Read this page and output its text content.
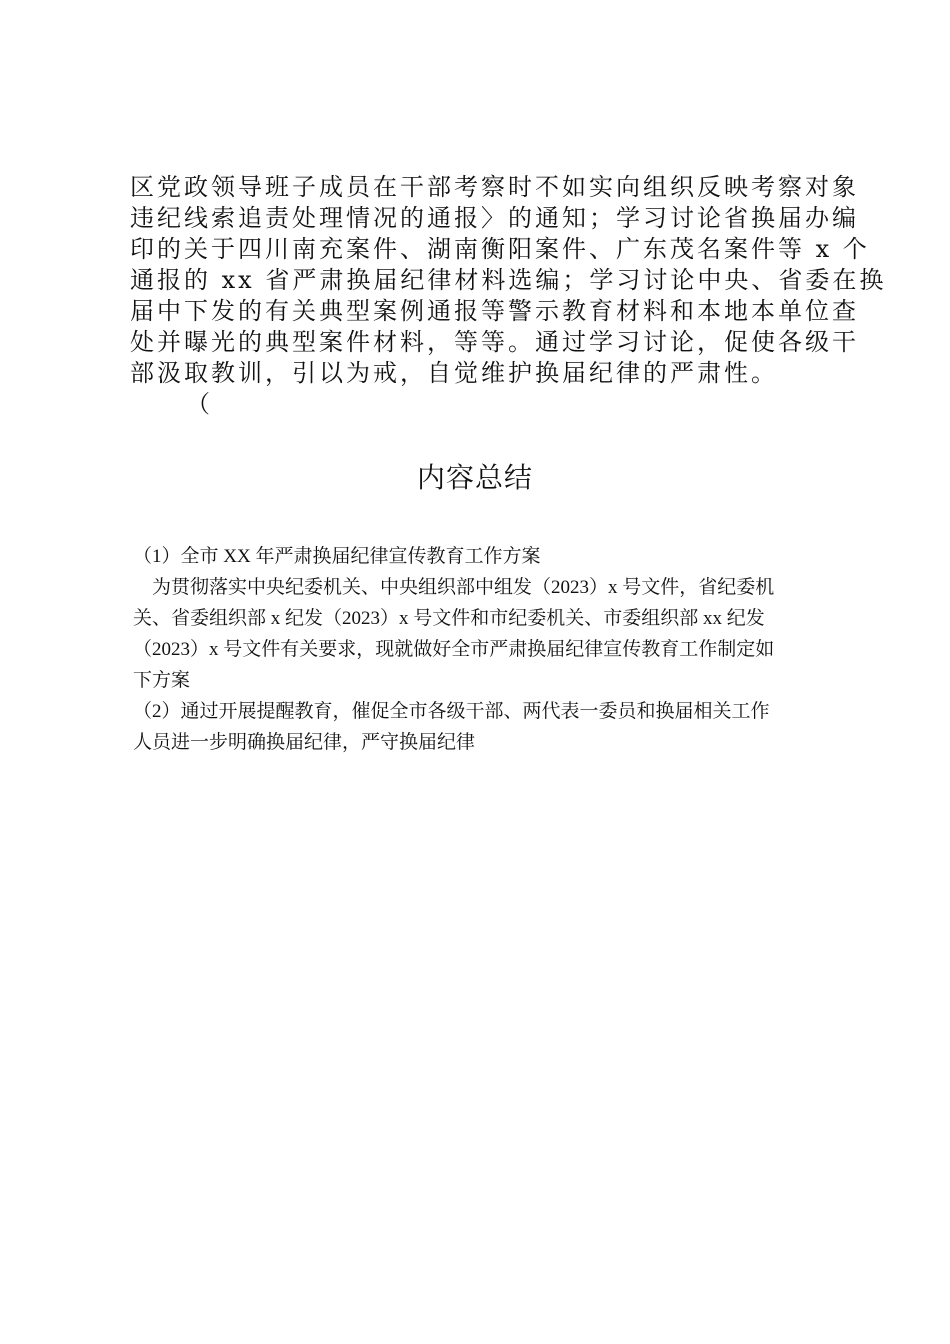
区党政领导班子成员在干部考察时不如实向组织反映考察对象

违纪线索追责处理情况的通报〉的通知；学习讨论省换届办编

印的关于四川南充案件、湖南衡阳案件、广东茂名案件等 x 个

通报的 xx 省严肃换届纪律材料选编；学习讨论中央、省委在换

届中下发的有关典型案例通报等警示教育材料和本地本单位查

处并曝光的典型案件材料，等等。通过学习讨论，促使各级干

部汲取教训，引以为戒，自觉维护换届纪律的严肃性。

（
内容总结

（1）全市 XX 年严肃换届纪律宣传教育工作方案

　为贯彻落实中央纪委机关、中央组织部中组发（2023）x 号文件，省纪委机

关、省委组织部 x 纪发（2023）x 号文件和市纪委机关、市委组织部 xx 纪发

（2023）x 号文件有关要求，现就做好全市严肃换届纪律宣传教育工作制定如

下方案

（2）通过开展提醒教育，催促全市各级干部、两代表一委员和换届相关工作

人员进一步明确换届纪律，严守换届纪律
